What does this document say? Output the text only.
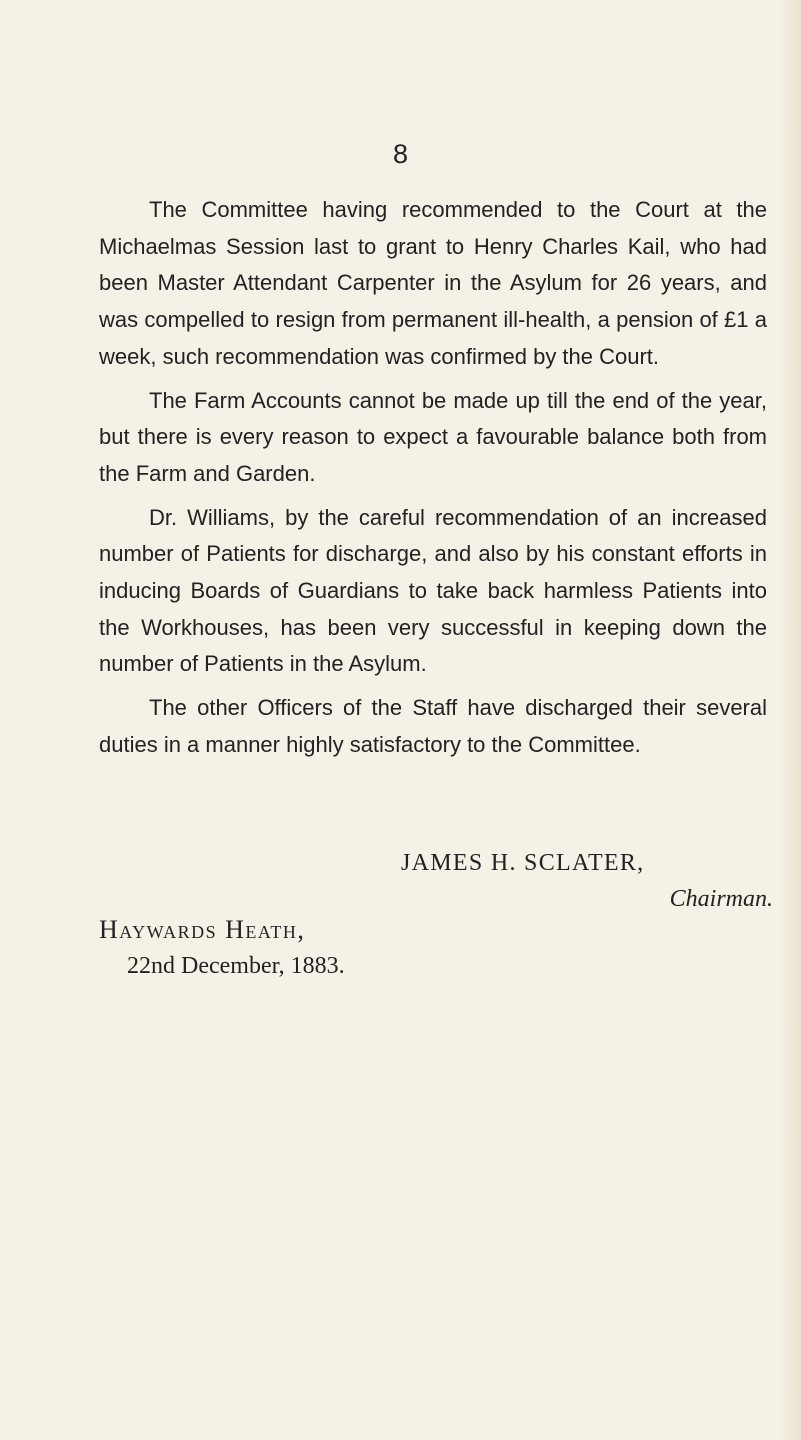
8

The Committee having recommended to the Court at the Michaelmas Session last to grant to Henry Charles Kail, who had been Master Attendant Carpenter in the Asylum for 26 years, and was compelled to resign from permanent ill-health, a pension of £1 a week, such recommendation was confirmed by the Court.

The Farm Accounts cannot be made up till the end of the year, but there is every reason to expect a favourable balance both from the Farm and Garden.

Dr. Williams, by the careful recommendation of an increased number of Patients for discharge, and also by his constant efforts in inducing Boards of Guardians to take back harmless Patients into the Workhouses, has been very successful in keeping down the number of Patients in the Asylum.

The other Officers of the Staff have discharged their several duties in a manner highly satisfactory to the Committee.

JAMES H. SCLATER,
Chairman.
Haywards Heath,
22nd December, 1883.
